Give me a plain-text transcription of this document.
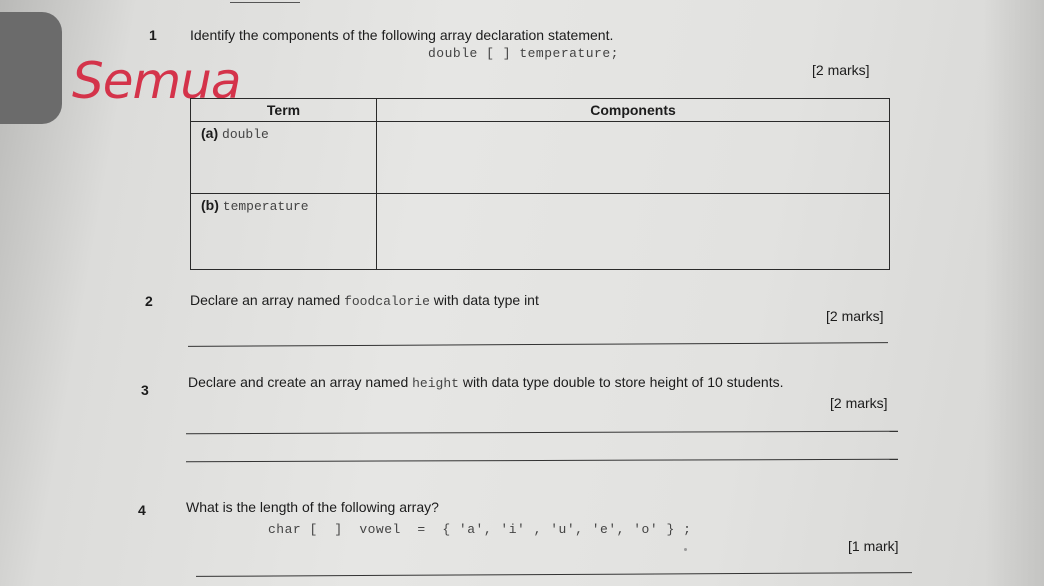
1 Identify the components of the following array declaration statement.
double [ ] temperature;
[2 marks]
Semua Term	Components
(a) double	
(b) temperature	
2	Declare an array named foodcalorie with data type int
[2 marks]
3	Declare and create an array named height with data type double to store height of 10 students.
[2 marks]
4	What is the length of the following array?
char [  ]  vowel  =  { 'a', 'i' , 'u', 'e', 'o' } ;
[1 mark]
